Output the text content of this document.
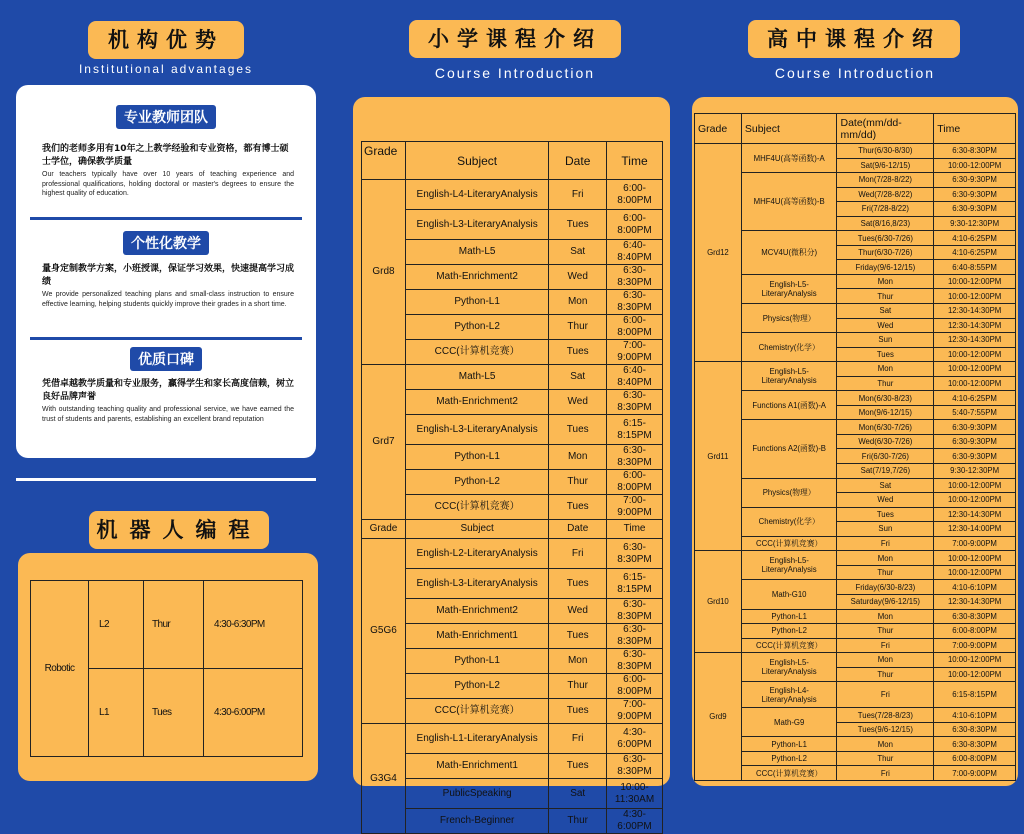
机构优势
Institutional advantages
专业教师团队
我们的老师多用有10年之上教学经验和专业资格，都有博士硕士学位，确保教学质量
Our teachers typically have over 10 years of teaching experience and professional qualifications, holding doctoral or master's degrees to ensure the highest quality of education.
个性化教学
量身定制教学方案，小班授课，保证学习效果，快速提高学习成绩
We provide personalized teaching plans and small-class instruction to ensure effective learning, helping students quickly improve their grades in a short time.
优质口碑
凭借卓越教学质量和专业服务，赢得学生和家长高度信赖，树立良好品牌声誉
With outstanding teaching quality and professional service, we have earned the trust of students and parents, establishing an excellent brand reputation
机器人编程
Robotic	L2	Thur	4:30-6:30PM
	L1	Tues	4:30-6:00PM
小学课程介绍
Course Introduction
Grade	Subject	Date	Time
Grd8	English-L4-LiteraryAnalysis	Fri	6:00-8:00PM
	English-L3-LiteraryAnalysis	Tues	6:00-8:00PM
	Math-L5	Sat	6:40-8:40PM
	Math-Enrichment2	Wed	6:30-8:30PM
	Python-L1	Mon	6:30-8:30PM
	Python-L2	Thur	6:00-8:00PM
	CCC(计算机竞赛）	Tues	7:00-9:00PM
Grd7	Math-L5	Sat	6:40-8:40PM
	Math-Enrichment2	Wed	6:30-8:30PM
	English-L3-LiteraryAnalysis	Tues	6:15-8:15PM
	Python-L1	Mon	6:30-8:30PM
	Python-L2	Thur	6:00-8:00PM
	CCC(计算机竞赛）	Tues	7:00-9:00PM
Grade	Subject	Date	Time
G5G6	English-L2-LiteraryAnalysis	Fri	6:30-8:30PM
	English-L3-LiteraryAnalysis	Tues	6:15-8:15PM
	Math-Enrichment2	Wed	6:30-8:30PM
	Math-Enrichment1	Tues	6:30-8:30PM
	Python-L1	Mon	6:30-8:30PM
	Python-L2	Thur	6:00-8:00PM
	CCC(计算机竞赛）	Tues	7:00-9:00PM
G3G4	English-L1-LiteraryAnalysis	Fri	4:30-6:00PM
	Math-Enrichment1	Tues	6:30-8:30PM
	PublicSpeaking	Sat	10:00-11:30AM
	French-Beginner	Thur	4:30-6:00PM
高中课程介绍
Course Introduction
Grade	Subject	Date(mm/dd-mm/dd)	Time
Grd12	MHF4U(高等函数)-A	Thur(6/30-8/30)	6:30-8:30PM
		Sat(9/6-12/15)	10:00-12:00PM
	MHF4U(高等函数)-B	Mon(7/28-8/22)	6:30-9:30PM
		Wed(7/28-8/22)	6:30-9:30PM
		Fri(7/28-8/22)	6:30-9:30PM
		Sat(8/16,8/23)	9:30-12:30PM
	MCV4U(微积分)	Tues(6/30-7/26)	4:10-6:25PM
		Thur(6/30-7/26)	4:10-6:25PM
		Friday(9/6-12/15)	6:40-8:55PM
	English-L5-LiteraryAnalysis	Mon	10:00-12:00PM
		Thur	10:00-12:00PM
	Physics(物理）	Sat	12:30-14:30PM
		Wed	12:30-14:30PM
	Chemistry(化学）	Sun	12:30-14:30PM
		Tues	10:00-12:00PM
Grd11	English-L5-LiteraryAnalysis	Mon	10:00-12:00PM
		Thur	10:00-12:00PM
	Functions A1(函数)-A	Mon(6/30-8/23)	4:10-6:25PM
		Mon(9/6-12/15)	5:40-7:55PM
	Functions A2(函数)-B	Mon(6/30-7/26)	6:30-9:30PM
		Wed(6/30-7/26)	6:30-9:30PM
		Fri(6/30-7/26)	6:30-9:30PM
		Sat(7/19,7/26)	9:30-12:30PM
	Physics(物理）	Sat	10:00-12:00PM
		Wed	10:00-12:00PM
	Chemistry(化学）	Tues	12:30-14:30PM
		Sun	12:30-14:00PM
	CCC(计算机竞赛）	Fri	7:00-9:00PM
Grd10	English-L5-LiteraryAnalysis	Mon	10:00-12:00PM
		Thur	10:00-12:00PM
	Math-G10	Friday(6/30-8/23)	4:10-6:10PM
		Saturday(9/6-12/15)	12:30-14:30PM
	Python-L1	Mon	6:30-8:30PM
	Python-L2	Thur	6:00-8:00PM
	CCC(计算机竞赛）	Fri	7:00-9:00PM
Grd9	English-L5-LiteraryAnalysis	Mon	10:00-12:00PM
		Thur	10:00-12:00PM
	English-L4-LiteraryAnalysis	Fri	6:15-8:15PM
	Math-G9	Tues(7/28-8/23)	4:10-6:10PM
		Tues(9/6-12/15)	6:30-8:30PM
	Python-L1	Mon	6:30-8:30PM
	Python-L2	Thur	6:00-8:00PM
	CCC(计算机竞赛）	Fri	7:00-9:00PM
